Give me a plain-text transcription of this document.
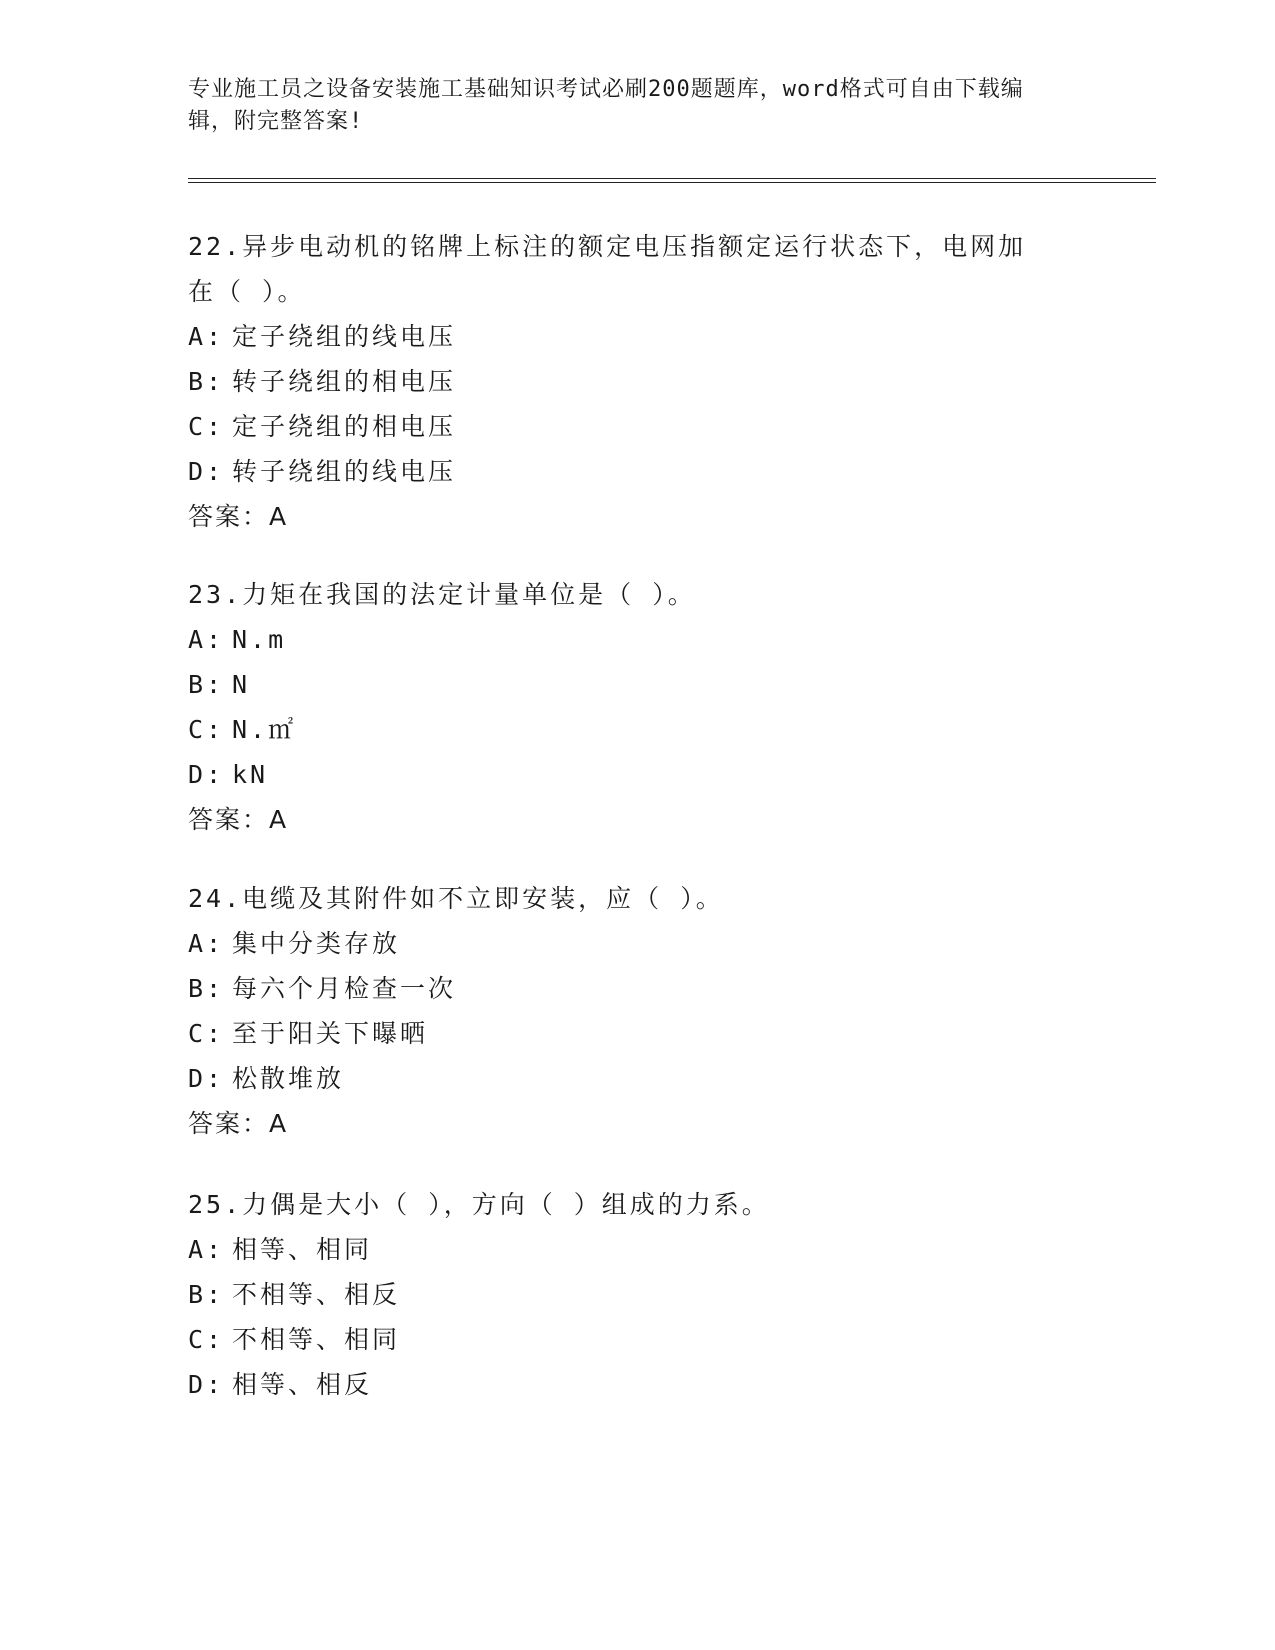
专业施工员之设备安装施工基础知识考试必刷200题题库，word格式可自由下载编辑，附完整答案!

22.异步电动机的铭牌上标注的额定电压指额定运行状态下，电网加在（ ）。

A: 定子绕组的线电压

B: 转子绕组的相电压

C: 定子绕组的相电压

D: 转子绕组的线电压

答案：A

23.力矩在我国的法定计量单位是（ ）。

A: N.m

B: N

C: N.㎡

D: kN

答案：A

24.电缆及其附件如不立即安装，应（ ）。

A: 集中分类存放

B: 每六个月检查一次

C: 至于阳关下曝晒

D: 松散堆放

答案：A

25.力偶是大小（ ），方向（ ）组成的力系。

A: 相等、相同

B: 不相等、相反

C: 不相等、相同

D: 相等、相反
